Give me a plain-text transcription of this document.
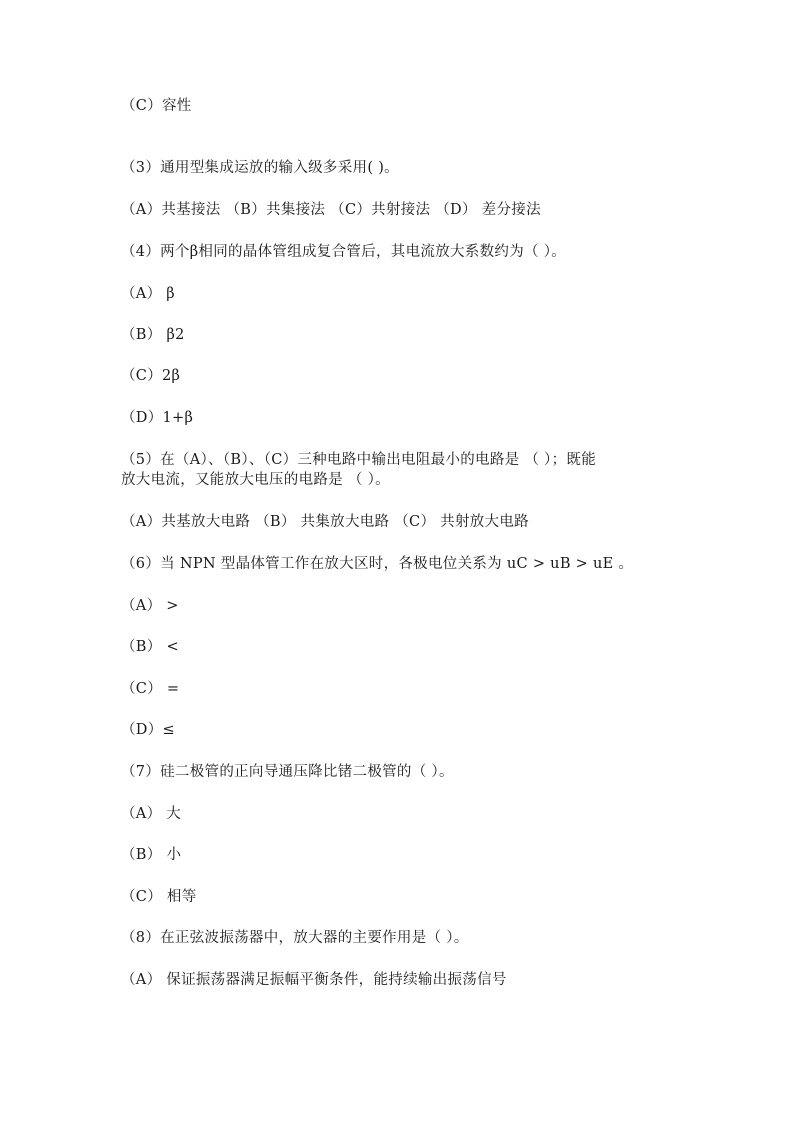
（C）容性
（3）通用型集成运放的输入级多采用( )。
（A）共基接法 （B）共集接法 （C）共射接法 （D） 差分接法
（4）两个β相同的晶体管组成复合管后，其电流放大系数约为（ ）。
（A） β
（B） β2
（C）2β
（D）1+β
（5）在（A）、（B）、（C）三种电路中输出电阻最小的电路是 （ ）；既能
放大电流，又能放大电压的电路是 （ ）。
（A）共基放大电路 （B） 共集放大电路 （C） 共射放大电路
（6）当 NPN 型晶体管工作在放大区时，各极电位关系为 uC > uB > uE 。
（A） >
（B） <
（C） =
（D）≤
（7）硅二极管的正向导通压降比锗二极管的（ ）。
（A） 大
（B） 小
（C） 相等
（8）在正弦波振荡器中，放大器的主要作用是（ ）。
（A） 保证振荡器满足振幅平衡条件，能持续输出振荡信号
